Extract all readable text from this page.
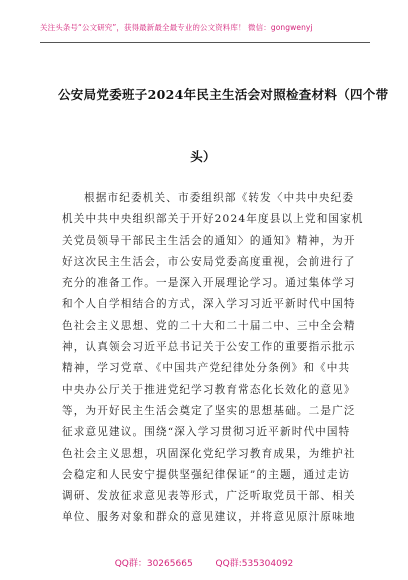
关注头条号“公文研究”，获得最新最全最专业的公文资料库！ 微信：gongwenyj
公安局党委班子2024年民主生活会对照检查材料（四个带
头）
根据市纪委机关、市委组织部《转发〈中共中央纪委
机关中共中央组织部关于开好2024年度县以上党和国家机
关党员领导干部民主生活会的通知〉的通知》精神，为开
好这次民主生活会，市公安局党委高度重视，会前进行了
充分的准备工作。一是深入开展理论学习。通过集体学习
和个人自学相结合的方式，深入学习习近平新时代中国特
色社会主义思想、党的二十大和二十届二中、三中全会精
神，认真领会习近平总书记关于公安工作的重要指示批示
精神，学习党章、《中国共产党纪律处分条例》和《中共
中央办公厅关于推进党纪学习教育常态化长效化的意见》
等，为开好民主生活会奠定了坚实的思想基础。二是广泛
征求意见建议。围绕“深入学习贯彻习近平新时代中国特
色社会主义思想，巩固深化党纪学习教育成果，为维护社
会稳定和人民安宁提供坚强纪律保证”的主题，通过走访
调研、发放征求意见表等形式，广泛听取党员干部、相关
单位、服务对象和群众的意见建议，并将意见原汁原味地
QQ群：30265665	QQ群:535304092
